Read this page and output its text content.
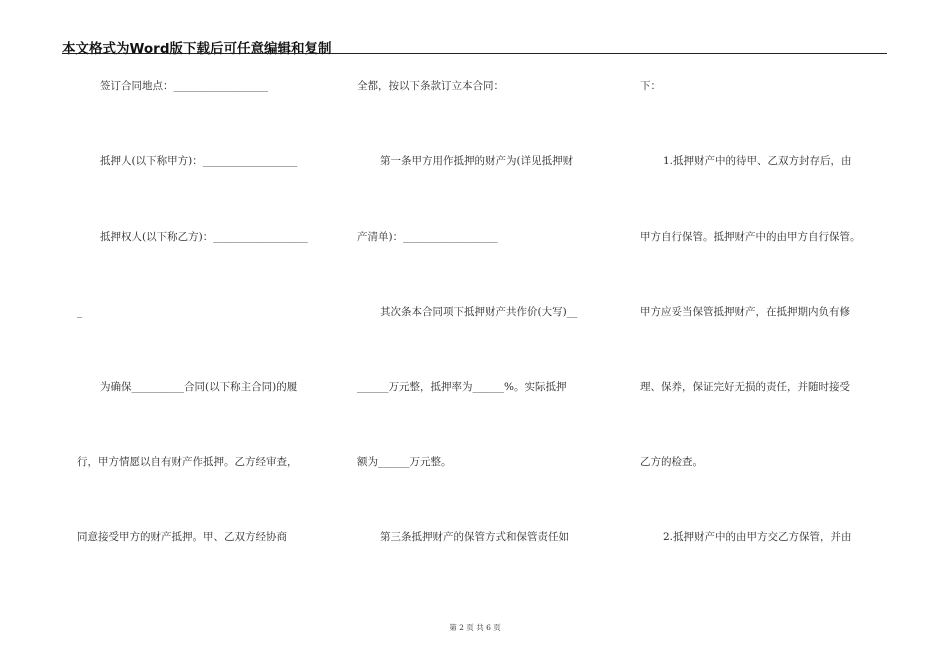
本文格式为Word版下载后可任意编辑和复制
签订合同地点：__________________
抵押人(以下称甲方)：__________________
抵押权人(以下称乙方)：__________________
_
为确保__________合同(以下称主合同)的履
行，甲方情愿以自有财产作抵押。乙方经审查，
同意接受甲方的财产抵押。甲、乙双方经协商
全都，按以下条款订立本合同：
第一条甲方用作抵押的财产为(详见抵押财
产清单)：__________________
其次条本合同项下抵押财产共作价(大写)__
______万元整，抵押率为______%。实际抵押
额为______万元整。
第三条抵押财产的保管方式和保管责任如
下：
1.抵押财产中的待甲、乙双方封存后，由
甲方自行保管。抵押财产中的由甲方自行保管。
甲方应妥当保管抵押财产，在抵押期内负有修
理、保养，保证完好无损的责任，并随时接受
乙方的检查。
2.抵押财产中的由甲方交乙方保管，并由
第 2 页 共 6 页
